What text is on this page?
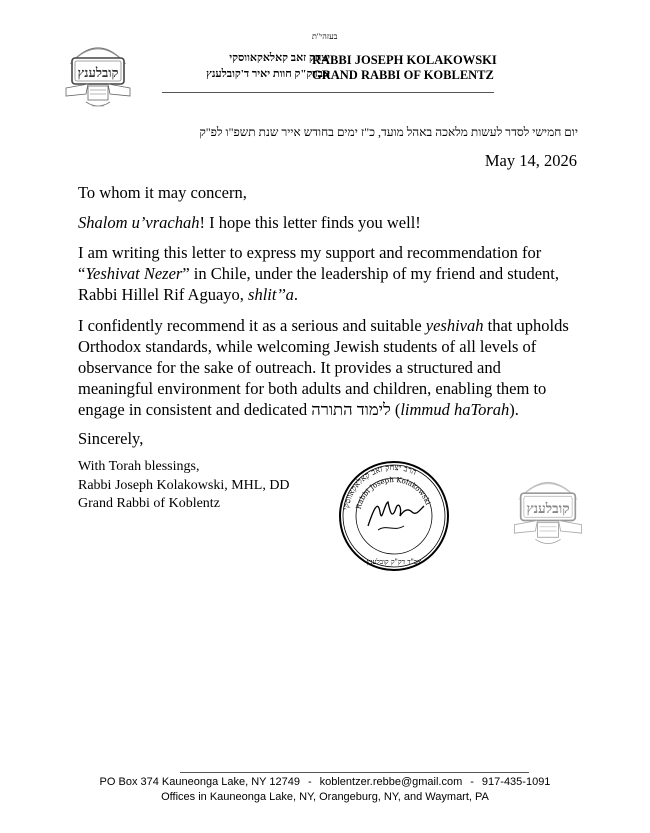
קובלענץ
בעזהי"ת
יצחק זאב קאלאקאווסקי
אבדק"ק חוות יאיר ד'קובלענץ
RABBI JOSEPH KOLAKOWSKI
GRAND RABBI OF KOBLENTZ
יום חמישי לסדר לעשות מלאכה באהל מועד, כ"ז ימים בחודש אייר שנת תשפ"ו לפ"ק
May 14, 2026
To whom it may concern,
Shalom u’vrachah! I hope this letter finds you well!
I am writing this letter to express my support and recommendation for “Yeshivat Nezer” in Chile, under the leadership of my friend and student, Rabbi Hillel Rif Aguayo, shlit’’a.
I confidently recommend it as a serious and suitable yeshivah that upholds Orthodox standards, while welcoming Jewish students of all levels of observance for the sake of outreach. It provides a structured and meaningful environment for both adults and children, enabling them to engage in consistent and dedicated לימוד התורה (limmud haTorah).
Sincerely,
With Torah blessings,
Rabbi Joseph Kolakowski, MHL, DD
Grand Rabbi of Koblentz	הרב יצחק זאב קאלאקאווסקי
Rabbi Joseph Kolakowski
אב"ד דק"ק קובלענץ
קובלענץ
PO Box 374 Kauneonga Lake, NY 12749 - koblentzer.rebbe@gmail.com - 917-435-1091
Offices in Kauneonga Lake, NY, Orangeburg, NY, and Waymart, PA
